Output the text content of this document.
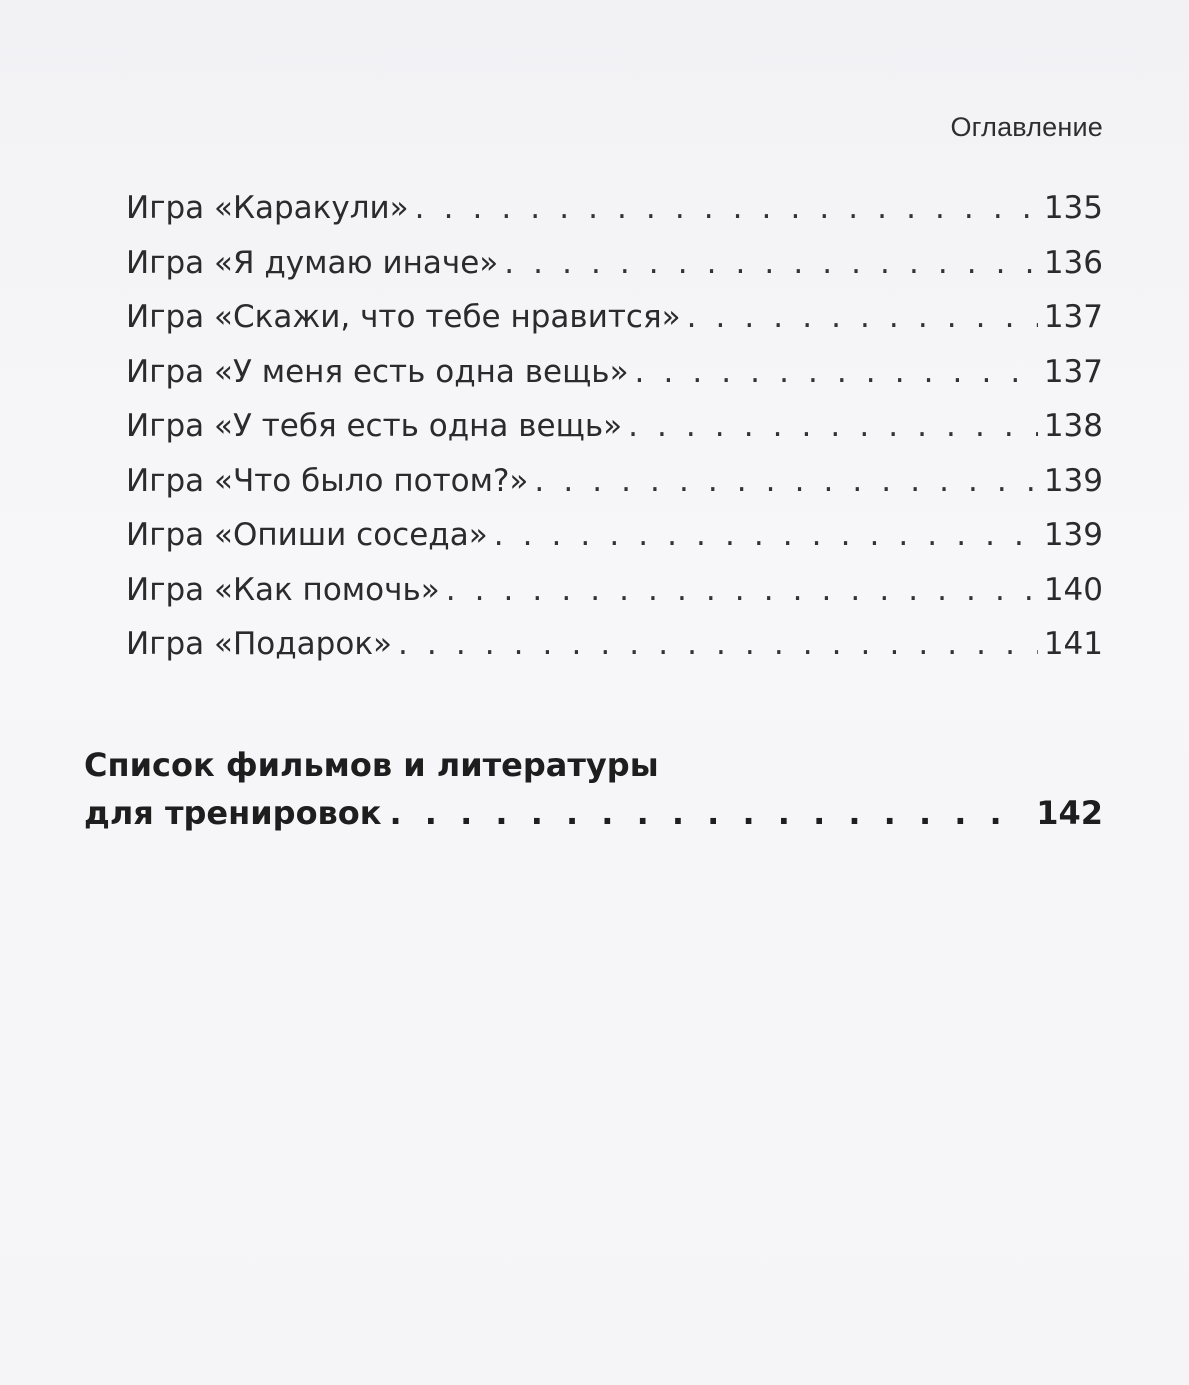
Оглавление
Игра «Каракули» . . .	135
Игра «Я думаю иначе» . . .	136
Игра «Скажи, что тебе нравится» . . .	137
Игра «У меня есть одна вещь» . . .	137
Игра «У тебя есть одна вещь» . . .	138
Игра «Что было потом?» . . .	139
Игра «Опиши соседа» . . .	139
Игра «Как помочь» . . .	140
Игра «Подарок» . . .	141
Список фильмов и литературы
для тренировок . . .	142
